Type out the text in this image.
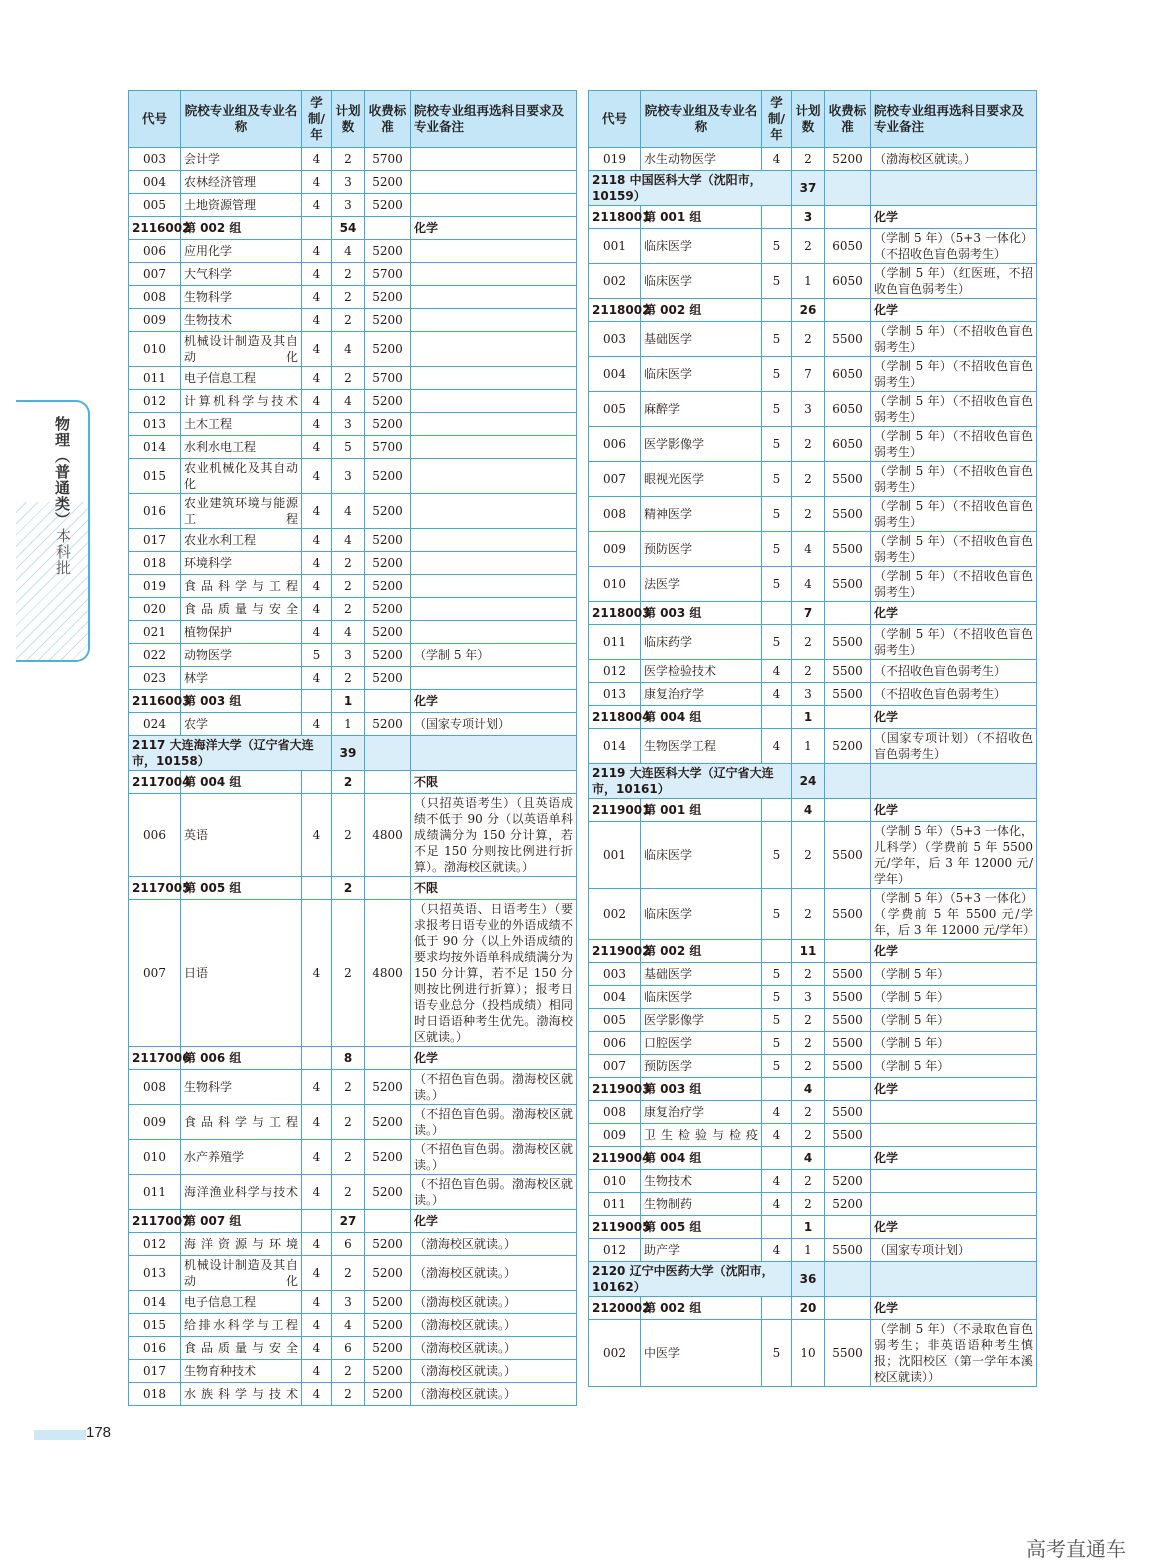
物理（普通类）
本科批
代号	院校专业组及专业名称	学制/年	计划数	收费标准	院校专业组再选科目要求及专业备注
003	会计学	4	2	5700	
004	农林经济管理	4	3	5200	
005	土地资源管理	4	3	5200	
2116002	第 002 组		54		化学
006	应用化学	4	4	5200	
007	大气科学	4	2	5700	
008	生物科学	4	2	5200	
009	生物技术	4	2	5200	
010	机械设计制造及其自动化	4	4	5200	
011	电子信息工程	4	2	5700	
012	计算机科学与技术	4	4	5200	
013	土木工程	4	3	5200	
014	水利水电工程	4	5	5700	
015	农业机械化及其自动化	4	3	5200	
016	农业建筑环境与能源工程	4	4	5200	
017	农业水利工程	4	4	5200	
018	环境科学	4	2	5200	
019	食品科学与工程	4	2	5200	
020	食品质量与安全	4	2	5200	
021	植物保护	4	4	5200	
022	动物医学	5	3	5200	（学制 5 年）
023	林学	4	2	5200	
2116003	第 003 组		1		化学
024	农学	4	1	5200	（国家专项计划）
2117 大连海洋大学（辽宁省大连市，10158）			39		
2117004	第 004 组		2		不限
006	英语	4	2	4800	（只招英语考生）（且英语成绩不低于 90 分（以英语单科成绩满分为 150 分计算，若不足 150 分则按比例进行折算）。渤海校区就读。）
2117005	第 005 组		2		不限
007	日语	4	2	4800	（只招英语、日语考生）（要求报考日语专业的外语成绩不低于 90 分（以上外语成绩的要求均按外语单科成绩满分为 150 分计算，若不足 150 分则按比例进行折算）；报考日语专业总分（投档成绩）相同时日语语种考生优先。渤海校区就读。）
2117006	第 006 组		8		化学
008	生物科学	4	2	5200	（不招色盲色弱。渤海校区就读。）
009	食品科学与工程	4	2	5200	（不招色盲色弱。渤海校区就读。）
010	水产养殖学	4	2	5200	（不招色盲色弱。渤海校区就读。）
011	海洋渔业科学与技术	4	2	5200	（不招色盲色弱。渤海校区就读。）
2117007	第 007 组		27		化学
012	海洋资源与环境	4	6	5200	（渤海校区就读。）
013	机械设计制造及其自动化	4	2	5200	（渤海校区就读。）
014	电子信息工程	4	3	5200	（渤海校区就读。）
015	给排水科学与工程	4	4	5200	（渤海校区就读。）
016	食品质量与安全	4	6	5200	（渤海校区就读。）
017	生物育种技术	4	2	5200	（渤海校区就读。）
018	水族科学与技术	4	2	5200	（渤海校区就读。）
代号	院校专业组及专业名称	学制/年	计划数	收费标准	院校专业组再选科目要求及专业备注
019	水生动物医学	4	2	5200	（渤海校区就读。）
2118 中国医科大学（沈阳市，10159）			37		
2118001	第 001 组		3		化学
001	临床医学	5	2	6050	（学制 5 年）（5+3 一体化）（不招收色盲色弱考生）
002	临床医学	5	1	6050	（学制 5 年）（红医班，不招收色盲色弱考生）
2118002	第 002 组		26		化学
003	基础医学	5	2	5500	（学制 5 年）（不招收色盲色弱考生）
004	临床医学	5	7	6050	（学制 5 年）（不招收色盲色弱考生）
005	麻醉学	5	3	6050	（学制 5 年）（不招收色盲色弱考生）
006	医学影像学	5	2	6050	（学制 5 年）（不招收色盲色弱考生）
007	眼视光医学	5	2	5500	（学制 5 年）（不招收色盲色弱考生）
008	精神医学	5	2	5500	（学制 5 年）（不招收色盲色弱考生）
009	预防医学	5	4	5500	（学制 5 年）（不招收色盲色弱考生）
010	法医学	5	4	5500	（学制 5 年）（不招收色盲色弱考生）
2118003	第 003 组		7		化学
011	临床药学	5	2	5500	（学制 5 年）（不招收色盲色弱考生）
012	医学检验技术	4	2	5500	（不招收色盲色弱考生）
013	康复治疗学	4	3	5500	（不招收色盲色弱考生）
2118004	第 004 组		1		化学
014	生物医学工程	4	1	5200	（国家专项计划）（不招收色盲色弱考生）
2119 大连医科大学（辽宁省大连市，10161）			24		
2119001	第 001 组		4		化学
001	临床医学	5	2	5500	（学制 5 年）（5+3 一体化，儿科学）（学费前 5 年 5500 元/学年，后 3 年 12000 元/学年）
002	临床医学	5	2	5500	（学制 5 年）（5+3 一体化）（学费前 5 年 5500 元/学年，后 3 年 12000 元/学年）
2119002	第 002 组		11		化学
003	基础医学	5	2	5500	（学制 5 年）
004	临床医学	5	3	5500	（学制 5 年）
005	医学影像学	5	2	5500	（学制 5 年）
006	口腔医学	5	2	5500	（学制 5 年）
007	预防医学	5	2	5500	（学制 5 年）
2119003	第 003 组		4		化学
008	康复治疗学	4	2	5500	
009	卫生检验与检疫	4	2	5500	
2119004	第 004 组		4		化学
010	生物技术	4	2	5200	
011	生物制药	4	2	5200	
2119005	第 005 组		1		化学
012	助产学	4	1	5500	（国家专项计划）
2120 辽宁中医药大学（沈阳市，10162）			36		
2120002	第 002 组		20		化学
002	中医学	5	10	5500	（学制 5 年）（不录取色盲色弱考生；非英语语种考生慎报；沈阳校区（第一学年本溪校区就读））
178
高考直通车
